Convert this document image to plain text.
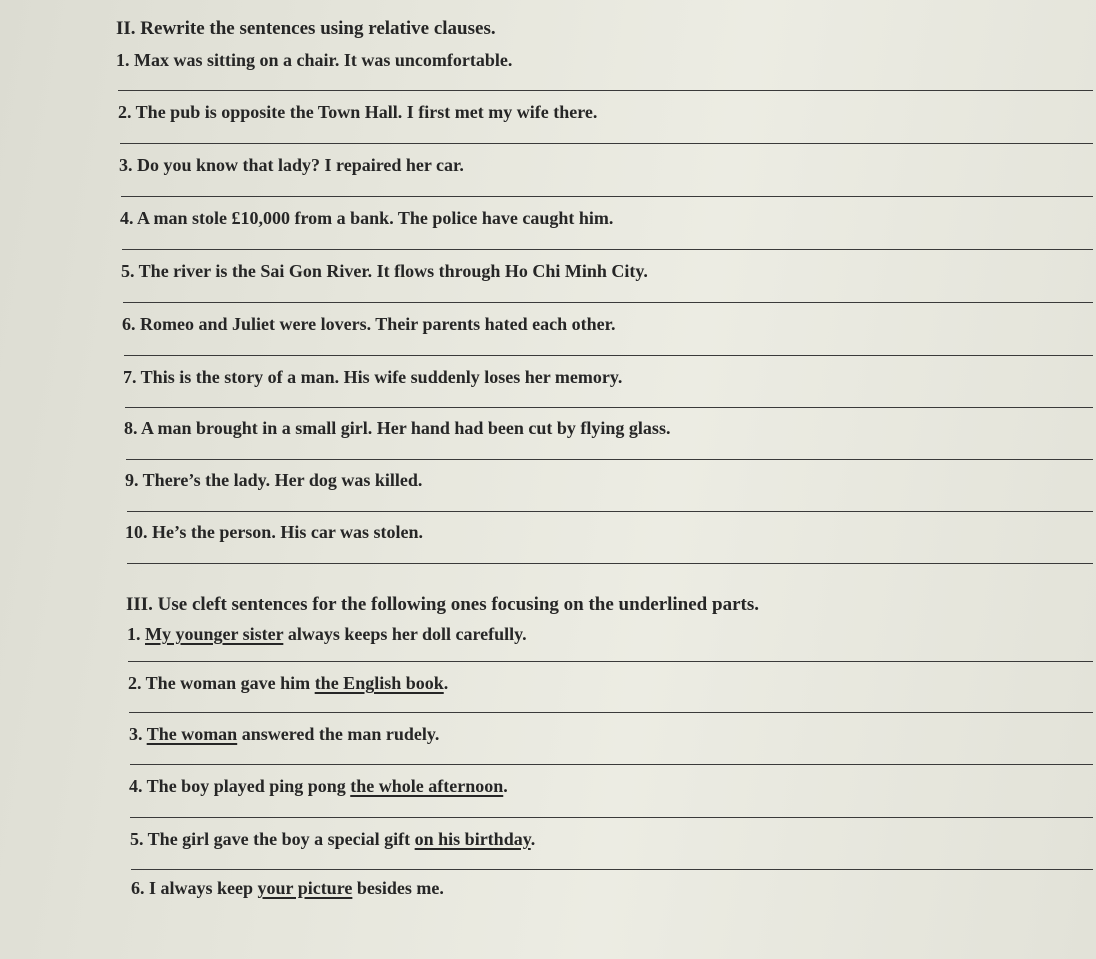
II. Rewrite the sentences using relative clauses.
1. Max was sitting on a chair. It was uncomfortable.
2. The pub is opposite the Town Hall. I first met my wife there.
3. Do you know that lady? I repaired her car.
4. A man stole £10,000 from a bank. The police have caught him.
5. The river is the Sai Gon River. It flows through Ho Chi Minh City.
6. Romeo and Juliet were lovers. Their parents hated each other.
7. This is the story of a man. His wife suddenly loses her memory.
8. A man brought in a small girl. Her hand had been cut by flying glass.
9. There’s the lady. Her dog was killed.
10. He’s the person. His car was stolen.
III. Use cleft sentences for the following ones focusing on the underlined parts.
1. My younger sister always keeps her doll carefully.
2. The woman gave him the English book.
3. The woman answered the man rudely.
4. The boy played ping pong the whole afternoon.
5. The girl gave the boy a special gift on his birthday.
6. I always keep your picture besides me.
